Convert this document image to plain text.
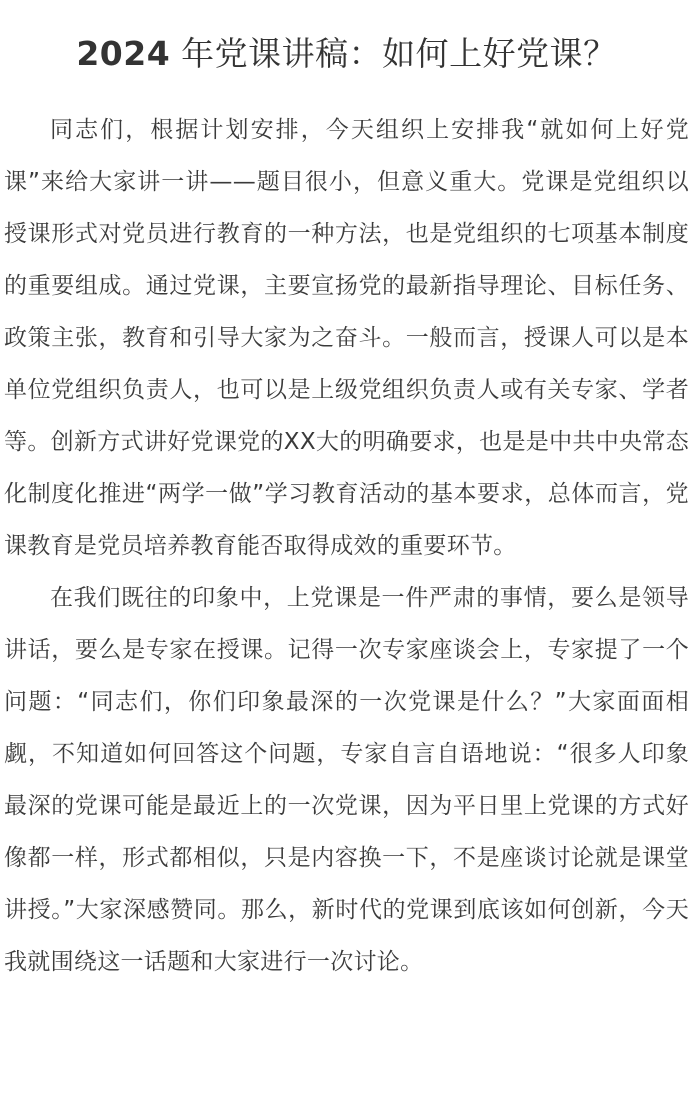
2024 年党课讲稿：如何上好党课？

同志们，根据计划安排，今天组织上安排我“就如何上好党课”来给大家讲一讲——题目很小，但意义重大。党课是党组织以授课形式对党员进行教育的一种方法，也是党组织的七项基本制度的重要组成。通过党课，主要宣扬党的最新指导理论、目标任务、政策主张，教育和引导大家为之奋斗。一般而言，授课人可以是本单位党组织负责人，也可以是上级党组织负责人或有关专家、学者等。创新方式讲好党课党的XX大的明确要求，也是是中共中央常态化制度化推进“两学一做”学习教育活动的基本要求，总体而言，党课教育是党员培养教育能否取得成效的重要环节。

在我们既往的印象中，上党课是一件严肃的事情，要么是领导讲话，要么是专家在授课。记得一次专家座谈会上，专家提了一个问题：“同志们，你们印象最深的一次党课是什么？”大家面面相觑，不知道如何回答这个问题，专家自言自语地说：“很多人印象最深的党课可能是最近上的一次党课，因为平日里上党课的方式好像都一样，形式都相似，只是内容换一下，不是座谈讨论就是课堂讲授。”大家深感赞同。那么，新时代的党课到底该如何创新，今天我就围绕这一话题和大家进行一次讨论。
